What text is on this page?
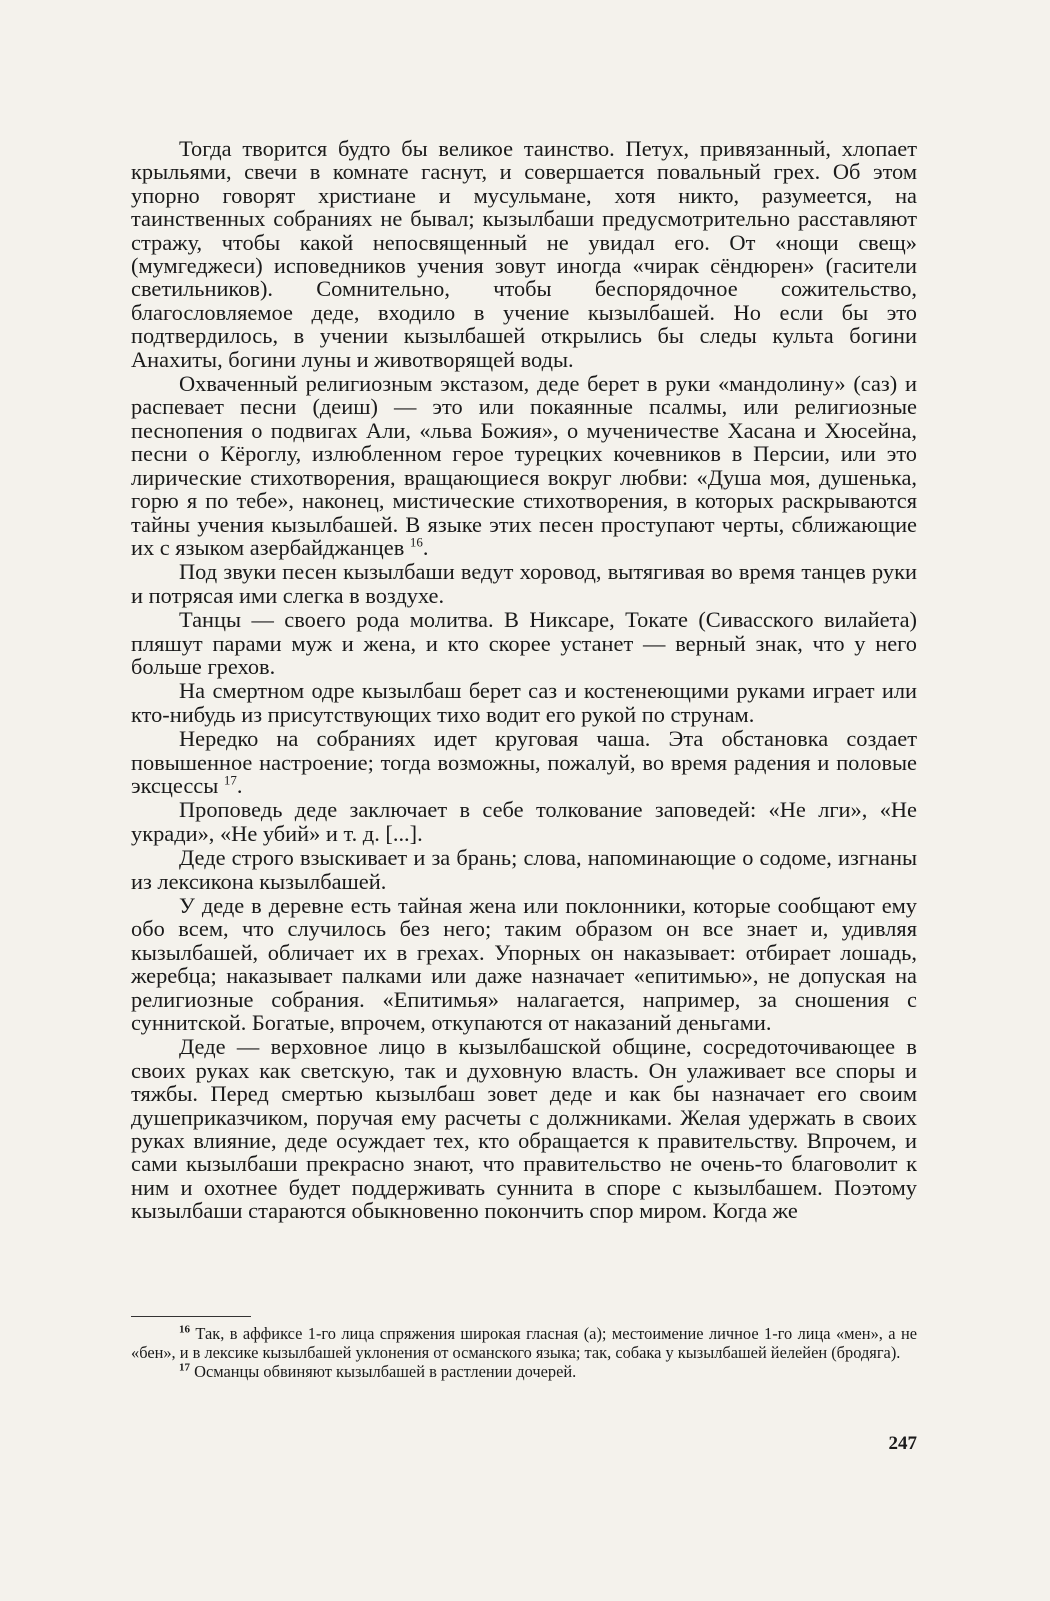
Тогда творится будто бы великое таинство. Петух, привязанный, хлопает крыльями, свечи в комнате гаснут, и совершается повальный грех. Об этом упорно говорят христиане и мусульмане, хотя никто, разумеется, на таинственных собраниях не бывал; кызылбаши предусмотрительно расставляют стражу, чтобы какой непосвященный не увидал его. От «нощи свещ» (мумгеджеси) исповедников учения зовут иногда «чирак сёндюрен» (гасители светильников). Сомнительно, чтобы беспорядочное сожительство, благословляемое деде, входило в учение кызылбашей. Но если бы это подтвердилось, в учении кызылбашей открылись бы следы культа богини Анахиты, богини луны и животворящей воды.

Охваченный религиозным экстазом, деде берет в руки «мандолину» (саз) и распевает песни (деиш) — это или покаянные псалмы, или религиозные песнопения о подвигах Али, «льва Божия», о мученичестве Хасана и Хюсейна, песни о Кёроглу, излюбленном герое турецких кочевников в Персии, или это лирические стихотворения, вращающиеся вокруг любви: «Душа моя, душенька, горю я по тебе», наконец, мистические стихотворения, в которых раскрываются тайны учения кызылбашей. В языке этих песен проступают черты, сближающие их с языком азербайджанцев $^{16}$.

Под звуки песен кызылбаши ведут хоровод, вытягивая во время танцев руки и потрясая ими слегка в воздухе.

Танцы — своего рода молитва. В Никсаре, Токате (Сивасского вилайета) пляшут парами муж и жена, и кто скорее устанет — верный знак, что у него больше грехов.

На смертном одре кызылбаш берет саз и костенеющими руками играет или кто-нибудь из присутствующих тихо водит его рукой по струнам.

Нередко на собраниях идет круговая чаша. Эта обстановка создает повышенное настроение; тогда возможны, пожалуй, во время радения и половые эксцессы $^{17}$.

Проповедь деде заключает в себе толкование заповедей: «Не лги», «Не укради», «Не убий» и т. д. [...].

Деде строго взыскивает и за брань; слова, напоминающие о содоме, изгнаны из лексикона кызылбашей.

У деде в деревне есть тайная жена или поклонники, которые сообщают ему обо всем, что случилось без него; таким образом он все знает и, удивляя кызылбашей, обличает их в грехах. Упорных он наказывает: отбирает лошадь, жеребца; наказывает палками или даже назначает «епитимью», не допуская на религиозные собрания. «Епитимья» налагается, например, за сношения с суннитской. Богатые, впрочем, откупаются от наказаний деньгами.

Деде — верховное лицо в кызылбашской общине, сосредоточивающее в своих руках как светскую, так и духовную власть. Он улаживает все споры и тяжбы. Перед смертью кызылбаш зовет деде и как бы назначает его своим душеприказчиком, поручая ему расчеты с должниками. Желая удержать в своих руках влияние, деде осуждает тех, кто обращается к правительству. Впрочем, и сами кызылбаши прекрасно знают, что правительство не очень-то благоволит к ним и охотнее будет поддерживать суннита в споре с кызылбашем. Поэтому кызылбаши стараются обыкновенно покончить спор миром. Когда же

$^{16}$ Так, в аффиксе 1-го лица спряжения широкая гласная (а); местоимение личное 1-го лица «мен», а не «бен», и в лексике кызылбашей уклонения от османского языка; так, собака у кызылбашей йелейен (бродяга).

$^{17}$ Османцы обвиняют кызылбашей в растлении дочерей.

247
